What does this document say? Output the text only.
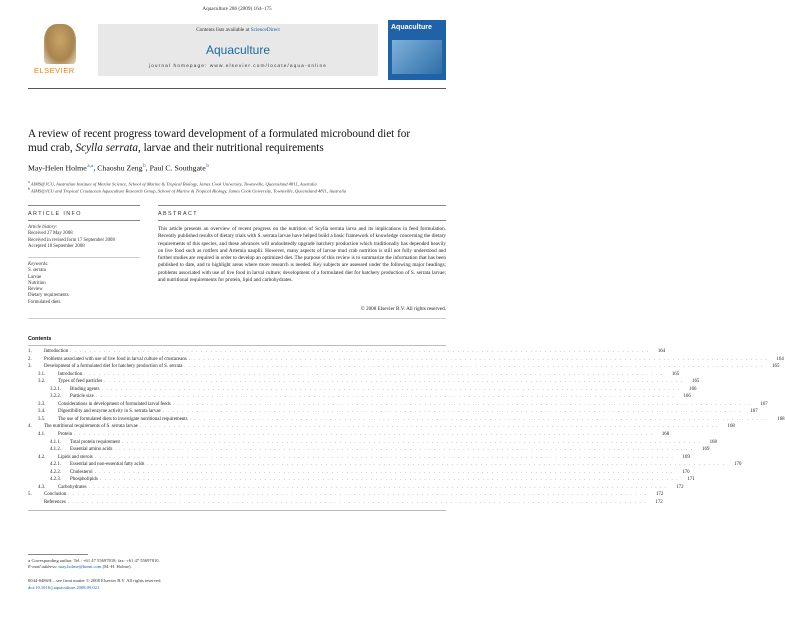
Aquaculture 286 (2009) 164–175
ELSEVIER
Contents lists available at ScienceDirect
Aquaculture
journal homepage: www.elsevier.com/locate/aqua-online
Aquaculture
A review of recent progress toward development of a formulated microbound diet for
mud crab, Scylla serrata, larvae and their nutritional requirements
May-Helen Holme $^{a,⁎}$, Chaoshu Zeng $^b$, Paul C. Southgate $^b$
$^a$ AIMS@JCU, Australian Institute of Marine Science, School of Marine & Tropical Biology, James Cook University, Townsville, Queensland 4811, Australia
$^b$ AIMS@JCU and Tropical Crustacean Aquaculture Research Group, School of Marine & Tropical Biology, James Cook University, Townsville, Queensland 4811, Australia
ARTICLE INFO	ABSTRACT
Article history:
Received 27 May 2008
Received in revised form 17 September 2008
Accepted 18 September 2008
Keywords:
S. serrata
Larvae
Nutrition
Review
Dietary requirements
Formulated diets
This article presents an overview of recent progress on the nutrition of Scylla serrata larva and its implications in feed formulation. Recently published results of dietary trials with S. serrata larvae have helped build a basic framework of knowledge concerning the dietary requirements of this species, and these advances will undoubtedly upgrade hatchery production which traditionally has depended heavily on live food such as rotifers and Artemia nauplii. However, many aspects of larvae mud crab nutrition is still not fully understood and further studies are required in order to develop an optimized diet. The purpose of this review is to summarize the information that has been published to date, and to highlight areas where more research is needed. Key subjects are assessed under the following major headings; problems associated with use of live food in larval culture; development of a formulated diet for hatchery production of S. serrata larvae; and nutritional requirements for protein, lipid and carbohydrates.
© 2008 Elsevier B.V. All rights reserved.
Contents
1.	Introduction . . . . . . . . . . . . . . . . . . . . . . . . . . . . . . . . . . . . . . . . . . . . . . . . . . . . . . . . . . . . . . . . . . . . . . . . . . . . . . . . . . . . . . . . . . . . . . . . . . . . . . . . . . . . . . . . . . . . . . . .	164
2.	Problems associated with use of live food in larval culture of crustaceans . . . . . . . . . . . . . . . . . . . . . . . . . . . . . . . . . . . . . . . . . . . . . . . . . . . . . . . . . . . . . . . . . . . . . . . . . . . . . . . . . . . . . . . . . . . . . . . . . . . . . . . . . . . . . . . . . . . . . . . .	164
3.	Development of a formulated diet for hatchery production of S. serrata . . . . . . . . . . . . . . . . . . . . . . . . . . . . . . . . . . . . . . . . . . . . . . . . . . . . . . . . . . . . . . . . . . . . . . . . . . . . . . . . . . . . . . . . . . . . . . . . . . . . . . . . . . . . . . . . . . . . . . . .	165
3.1.	Introduction . . . . . . . . . . . . . . . . . . . . . . . . . . . . . . . . . . . . . . . . . . . . . . . . . . . . . . . . . . . . . . . . . . . . . . . . . . . . . . . . . . . . . . . . . . . . . . . . . . . . . . . . . . . . . . . . . . . . . . . .	165
3.2.	Types of feed particles . . . . . . . . . . . . . . . . . . . . . . . . . . . . . . . . . . . . . . . . . . . . . . . . . . . . . . . . . . . . . . . . . . . . . . . . . . . . . . . . . . . . . . . . . . . . . . . . . . . . . . . . . . . . . . . . . . . . . . . .	165
3.2.1.	Binding agents . . . . . . . . . . . . . . . . . . . . . . . . . . . . . . . . . . . . . . . . . . . . . . . . . . . . . . . . . . . . . . . . . . . . . . . . . . . . . . . . . . . . . . . . . . . . . . . . . . . . . . . . . . . . . . . . . . . . . . . .	166
3.2.2.	Particle size . . . . . . . . . . . . . . . . . . . . . . . . . . . . . . . . . . . . . . . . . . . . . . . . . . . . . . . . . . . . . . . . . . . . . . . . . . . . . . . . . . . . . . . . . . . . . . . . . . . . . . . . . . . . . . . . . . . . . . . .	166
3.3.	Considerations in development of formulated larval feeds . . . . . . . . . . . . . . . . . . . . . . . . . . . . . . . . . . . . . . . . . . . . . . . . . . . . . . . . . . . . . . . . . . . . . . . . . . . . . . . . . . . . . . . . . . . . . . . . . . . . . . . . . . . . . . . . . . . . . . . .	167
3.4.	Digestibility and enzyme activity in S. serrata larvae . . . . . . . . . . . . . . . . . . . . . . . . . . . . . . . . . . . . . . . . . . . . . . . . . . . . . . . . . . . . . . . . . . . . . . . . . . . . . . . . . . . . . . . . . . . . . . . . . . . . . . . . . . . . . . . . . . . . . . . .	167
3.5.	The use of formulated diets to investigate nutritional requirements . . . . . . . . . . . . . . . . . . . . . . . . . . . . . . . . . . . . . . . . . . . . . . . . . . . . . . . . . . . . . . . . . . . . . . . . . . . . . . . . . . . . . . . . . . . . . . . . . . . . . . . . . . . . . . . . . . . . . . . .	168
4.	The nutritional requirements of S. serrata larvae . . . . . . . . . . . . . . . . . . . . . . . . . . . . . . . . . . . . . . . . . . . . . . . . . . . . . . . . . . . . . . . . . . . . . . . . . . . . . . . . . . . . . . . . . . . . . . . . . . . . . . . . . . . . . . . . . . . . . . . .	168
4.1.	Protein . . . . . . . . . . . . . . . . . . . . . . . . . . . . . . . . . . . . . . . . . . . . . . . . . . . . . . . . . . . . . . . . . . . . . . . . . . . . . . . . . . . . . . . . . . . . . . . . . . . . . . . . . . . . . . . . . . . . . . . .	168
4.1.1.	Total protein requirement . . . . . . . . . . . . . . . . . . . . . . . . . . . . . . . . . . . . . . . . . . . . . . . . . . . . . . . . . . . . . . . . . . . . . . . . . . . . . . . . . . . . . . . . . . . . . . . . . . . . . . . . . . . . . . . . . . . . . . . .	168
4.1.2.	Essential amino acids . . . . . . . . . . . . . . . . . . . . . . . . . . . . . . . . . . . . . . . . . . . . . . . . . . . . . . . . . . . . . . . . . . . . . . . . . . . . . . . . . . . . . . . . . . . . . . . . . . . . . . . . . . . . . . . . . . . . . . . .	169
4.2.	Lipids and sterols . . . . . . . . . . . . . . . . . . . . . . . . . . . . . . . . . . . . . . . . . . . . . . . . . . . . . . . . . . . . . . . . . . . . . . . . . . . . . . . . . . . . . . . . . . . . . . . . . . . . . . . . . . . . . . . . . . . . . . . .	169
4.2.1.	Essential and non-essential fatty acids . . . . . . . . . . . . . . . . . . . . . . . . . . . . . . . . . . . . . . . . . . . . . . . . . . . . . . . . . . . . . . . . . . . . . . . . . . . . . . . . . . . . . . . . . . . . . . . . . . . . . . . . . . . . . . . . . . . . . . . .	170
4.2.2.	Cholesterol . . . . . . . . . . . . . . . . . . . . . . . . . . . . . . . . . . . . . . . . . . . . . . . . . . . . . . . . . . . . . . . . . . . . . . . . . . . . . . . . . . . . . . . . . . . . . . . . . . . . . . . . . . . . . . . . . . . . . . . .	170
4.2.3.	Phospholipids . . . . . . . . . . . . . . . . . . . . . . . . . . . . . . . . . . . . . . . . . . . . . . . . . . . . . . . . . . . . . . . . . . . . . . . . . . . . . . . . . . . . . . . . . . . . . . . . . . . . . . . . . . . . . . . . . . . . . . . .	171
4.3.	Carbohydrates . . . . . . . . . . . . . . . . . . . . . . . . . . . . . . . . . . . . . . . . . . . . . . . . . . . . . . . . . . . . . . . . . . . . . . . . . . . . . . . . . . . . . . . . . . . . . . . . . . . . . . . . . . . . . . . . . . . . . . . .	172
5.	Conclusion . . . . . . . . . . . . . . . . . . . . . . . . . . . . . . . . . . . . . . . . . . . . . . . . . . . . . . . . . . . . . . . . . . . . . . . . . . . . . . . . . . . . . . . . . . . . . . . . . . . . . . . . . . . . . . . . . . . . . . . .	172
References . . . . . . . . . . . . . . . . . . . . . . . . . . . . . . . . . . . . . . . . . . . . . . . . . . . . . . . . . . . . . . . . . . . . . . . . . . . . . . . . . . . . . . . . . . . . . . . . . . . . . . . . . . . . . . . . . . . . . . . .	172
⁎ Corresponding author. Tel.: +61 47 55697818; fax: +61 47 55697810.
E-mail address: may.holme@hnmi.com (M.-H. Holme).
0044-8486/$ – see front matter © 2008 Elsevier B.V. All rights reserved.
doi:10.1016/j.aquaculture.2008.09.021
